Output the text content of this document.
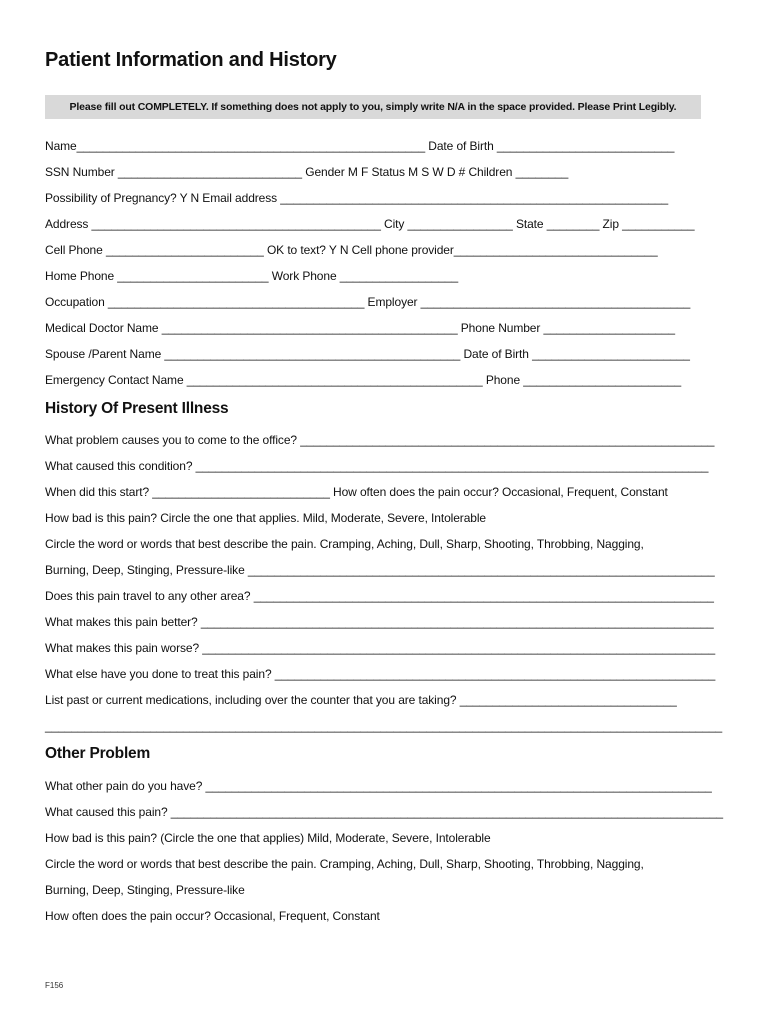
Patient Information and History
Please fill out COMPLETELY. If something does not apply to you, simply write N/A in the space provided. Please Print Legibly.
Name_____________________________________________________ Date of Birth ___________________________
SSN Number ____________________________ Gender M F Status M S W D # Children ________
Possibility of Pregnancy? Y N Email address ___________________________________________________________
Address ____________________________________________ City ________________ State ________ Zip ___________
Cell Phone ________________________ OK to text? Y N Cell phone provider_______________________________
Home Phone _______________________ Work Phone __________________
Occupation _______________________________________ Employer _________________________________________
Medical Doctor Name _____________________________________________ Phone Number ____________________
Spouse /Parent Name _____________________________________________ Date of Birth ________________________
Emergency Contact Name _____________________________________________ Phone ________________________
History Of Present Illness
What problem causes you to come to the office? _______________________________________________________________
What caused this condition? ______________________________________________________________________________
When did this start? ___________________________ How often does the pain occur? Occasional, Frequent, Constant
How bad is this pain? Circle the one that applies. Mild, Moderate, Severe, Intolerable
Circle the word or words that best describe the pain. Cramping, Aching, Dull, Sharp, Shooting, Throbbing, Nagging,
Burning, Deep, Stinging, Pressure-like _______________________________________________________________________
Does this pain travel to any other area? ______________________________________________________________________
What makes this pain better? ______________________________________________________________________________
What makes this pain worse? ______________________________________________________________________________
What else have you done to treat this pain? ___________________________________________________________________
List past or current medications, including over the counter that you are taking? _________________________________
_______________________________________________________________________________________________________
Other Problem
What other pain do you have? _____________________________________________________________________________
What caused this pain? ____________________________________________________________________________________
How bad is this pain? (Circle the one that applies) Mild, Moderate, Severe, Intolerable
Circle the word or words that best describe the pain. Cramping, Aching, Dull, Sharp, Shooting, Throbbing, Nagging,
Burning, Deep, Stinging, Pressure-like
How often does the pain occur? Occasional, Frequent, Constant
F156
